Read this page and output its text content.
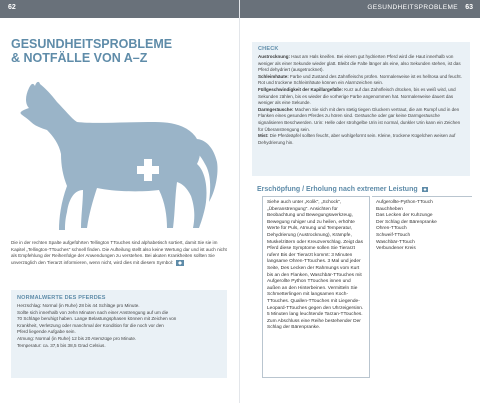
62
GESUNDHEITSPROBLEME
& NOTFÄLLE VON A–Z
Die in der rechten Spalte aufgeführten Tellington TTouches sind alphabetisch sortiert, damit Sie sie im Kapitel „Tellington-TTouches" schnell finden. Die Aufteilung stellt also keine Wertung dar und ist auch nicht als Empfehlung der Reihenfolge der Anwendungen zu verstehen. Bei akuten Krankheiten sollten Sie unverzüglich den Tierarzt informieren, wenn nicht, wird dies mit diesem Symbol:
NORMALWERTE DES PFERDES

Herzschlag: Normal (in Ruhe) 28 bis 44 Schläge pro Minute.

Sollte sich innerhalb von zehn Minuten nach einer Anstrengung auf um die

70 Schläge beruhigt haben. Lange Belastungsphasen können mit Zeichen von

Krankheit, Verletzung oder manchmal der Kondition für die noch vor den

Pferd liegende Aufgabe sein.

Atmung: Normal (in Ruhe) 12 bis 20 Atemzüge pro Minute.

Temperatur: ca. 37,5 bis 38,5 Grad Celsius.

GESUNDHEITSPROBLEME 63
CHECK
Austrocknung: Haut am Hals kneifen. Bei einem gut hydrierten Pferd wird die Haut innerhalb von weniger als einer Sekunde wieder glatt. Bleibt die Falte länger als eine, also Sekunden stehen, ist das Pferd dehydriert (ausgetrocknet).
Schleimhäute: Farbe und Zustand des Zahnfleischs prüfen. Normalerweise ist es hellrosa und feucht. Rot und trockene Schleimhäute können ein Alarmzeichen sein.
Füllgeschwindigkeit der Kapillargefäße: Kurz auf das Zahnfleisch drücken, bis es weiß wird, und Sekunden zählen, bis es wieder die vorherige Farbe angenommen hat. Normalerweise dauert das weniger als eine Sekunde.
Darmgeräusche: Machen Sie sich mit dem stetig tiegen Gluckern vertraut, die am Rumpf und in den Flanken eines gesunden Pferdes zu hören sind. Geräusche oder gar keine Darmgeräusche signalisieren Beschwerden. Urin: Helle oder strohgelbe Urin ist normal, dunkler Urin kann ein Zeichen für Überanstrengung sein.
Mist: Die Pferdeäpfel sollten feucht, aber wohlgeformt sein. Kleine, trockene Kügelchen weisen auf Dehydrierung hin.
Erschöpfung / Erholung nach extremer Leistung
Siehe auch unter „Kolik", „Schock", „Überanstrengung". Ansichten für Beobachtung und Bewegungswerkzeug, Bewegung ruhiger und zu heilen, erhöhte Werte für Puls, Atmung und Temperatur, Dehydrierung (Austrocknung), Krämpfe, Muskelzittern oder Kreuzverschlag. Zeigt das Pferd diese Symptome sollen Sie Tierarzt rufen! Bis der Tierarzt kommt: 3 Minuten langsame Ohren-TTouches. 3 Mal und jeder Seite, Des Lecken der Rahmungs vom Kurt bis an den Flanken, Waschbär-TTouches mit Aufgerollte Python TTouches innen und außen an den Hinterbeinen. Vermitteln Sie Schmetterlingen mit langsamen Koch-TTouches. Quallen-TTouches mit Liegende-Leopard-TTouches gegen den Uhrzeigersinn. 5 Minuten lang leuchtende Tarzan-TTouches. Zum Abschluss eine Reihe bestehender Der Schlag der Bärenpranke.
Aufgerollte-Python-TTouch
Bauchheben
Das Lecken der Kuhzunge
Der Schlag der Bärenpranke
Ohren-TTouch
Schweif-TTouch
Waschbär-TTouch
Verbundener Kreis
